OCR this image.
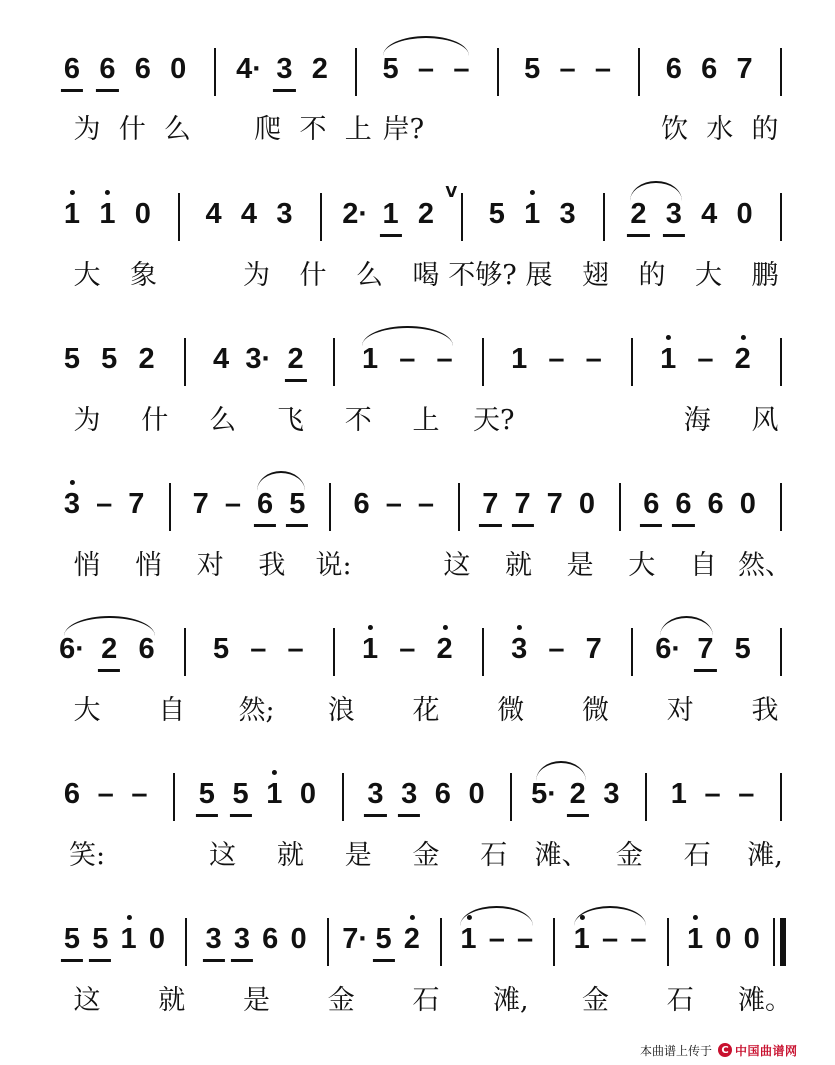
6 6 6 0 4· 3 2 5 – – 5 – – 6 6 7
为 什 么 爬 不 上 岸?	饮 水 的
1 1 0 4 4 3 2· 1 2
V
5 1 3 2 3 4 0
大 象	为 什 么 喝 不够? 展 翅 的 大 鹏
5 5 2 4 3· 2 1 – – 1 – – 1 – 2
为 什 么 飞 不 上 天?	海 风
3 – 7 7 – 6 5 6 – – 7 7 7 0 6 6 6 0
悄 悄 对 我 说:	这 就 是 大 自 然、
6· 2 6 5 – – 1 – 2 3 – 7 6· 7 5
大 自 然; 浪 花 微 微 对 我
6 – – 5 5 1 0 3 3 6 0 5· 2 3 1 – –
笑:	这 就 是 金 石 滩、 金 石 滩,
5 5 1 0 3 3 6 0 7· 5 2 1 – – 1 – – 1 0 0
这 就 是 金 石 滩, 金 石 滩。
本曲谱上传于 C 中国曲谱网
